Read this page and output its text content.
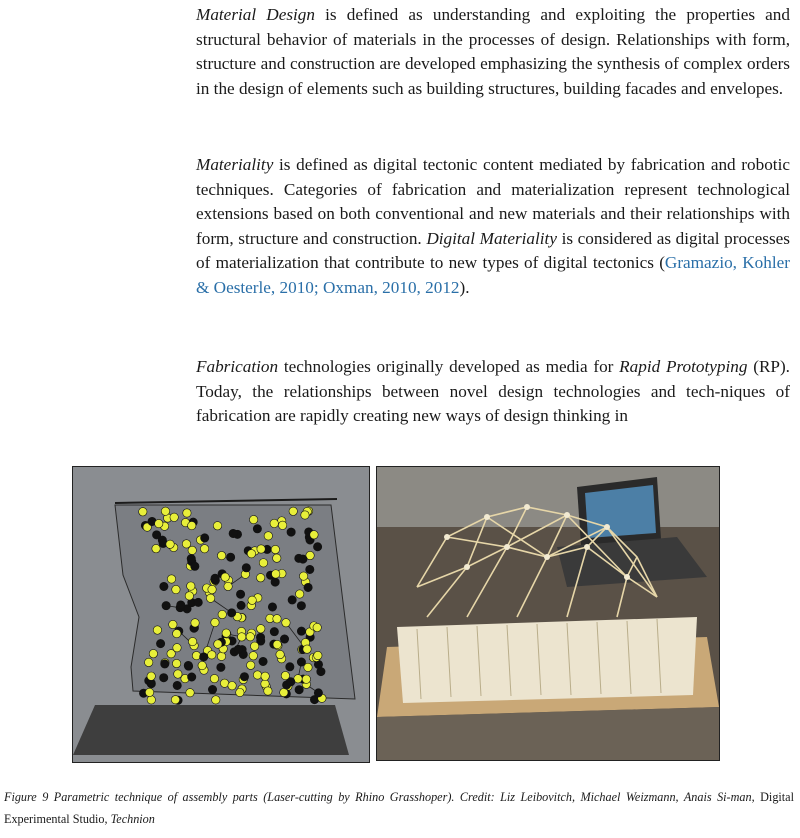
Material Design is defined as understanding and exploiting the properties and structural behavior of materials in the processes of design. Relationships with form, structure and construction are developed emphasizing the synthesis of complex orders in the design of elements such as building structures, building facades and envelopes.

Materiality is defined as digital tectonic content mediated by fabrication and robotic techniques. Categories of fabrication and materialization represent technological extensions based on both conventional and new materials and their relationships with form, structure and construction. Digital Materiality is considered as digital processes of materialization that contribute to new types of digital tectonics (Gramazio, Kohler & Oesterle, 2010; Oxman, 2010, 2012).

Fabrication technologies originally developed as media for Rapid Prototyping (RP). Today, the relationships between novel design technologies and tech-niques of fabrication are rapidly creating new ways of design thinking in

Figure 9 Parametric technique of assembly parts (Laser-cutting by Rhino Grasshoper). Credit: Liz Leibovitch, Michael Weizmann, Anais Si-man, Digital Experimental Studio, Technion
